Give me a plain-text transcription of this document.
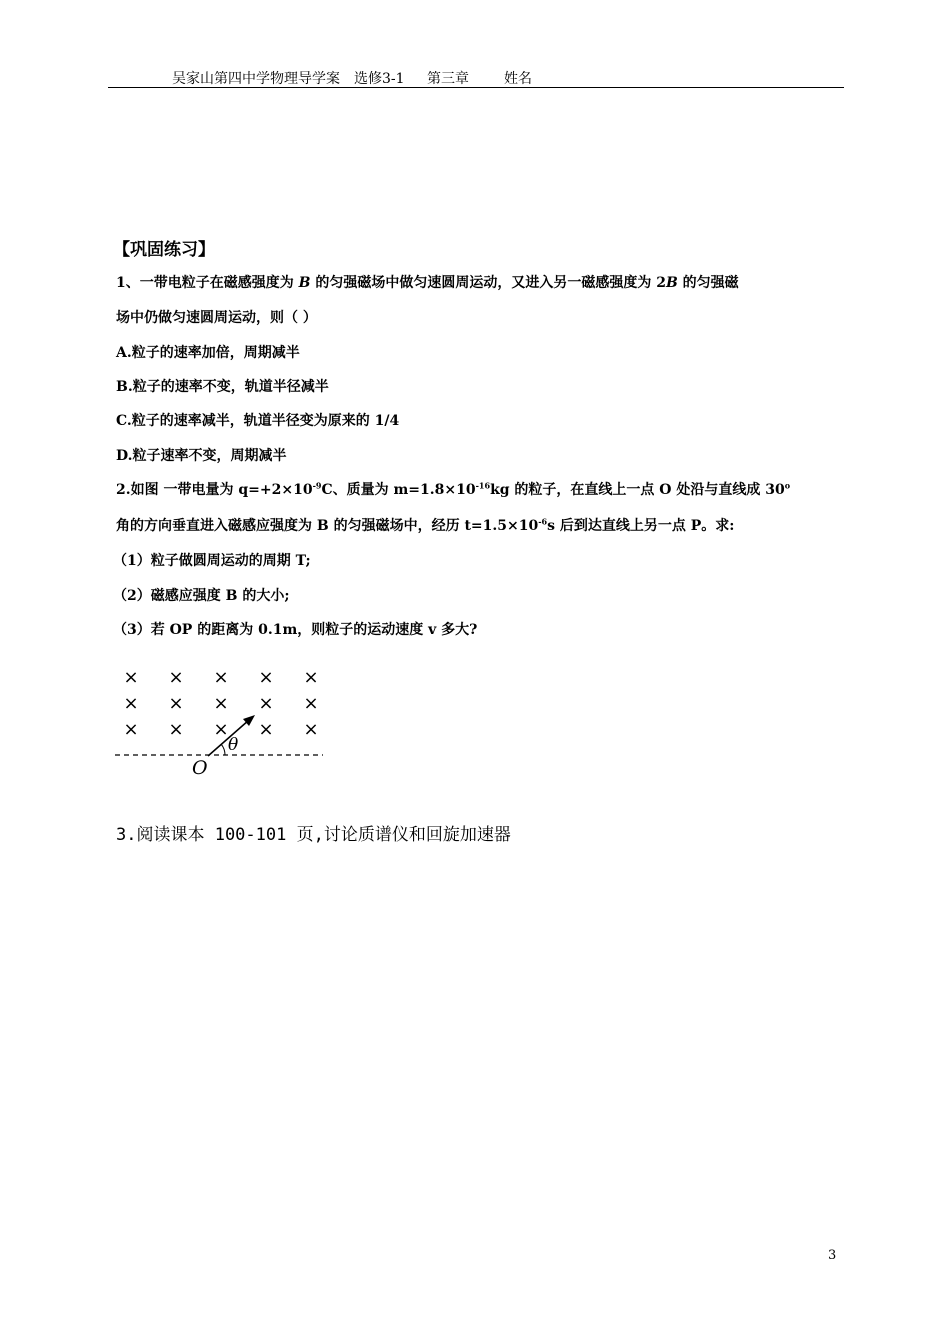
吴家山第四中学物理导学案 选修3-1 第三章	姓名
【巩固练习】
1、一带电粒子在磁感强度为 B 的匀强磁场中做匀速圆周运动，又进入另一磁感强度为 2B 的匀强磁
场中仍做匀速圆周运动，则（ ）
A.粒子的速率加倍，周期减半
B.粒子的速率不变，轨道半径减半
C.粒子的速率减半，轨道半径变为原来的 1/4
D.粒子速率不变，周期减半
2.如图 一带电量为 $q=+2\times 10^{-9}C$、质量为 $m=1.8\times 10^{-16}kg$ 的粒子，在直线上一点 O 处沿与直线成 30$^o$
角的方向垂直进入磁感应强度为 B 的匀强磁场中，经历 $t=1.5\times 10^{-6}s$ 后到达直线上另一点 P。求:
（1）粒子做圆周运动的周期 T;
（2）磁感应强度 B 的大小;
（3）若 OP 的距离为 0.1m，则粒子的运动速度 v 多大?
× × × × ×
× × × × ×
× × × × ×
θ
O
3.阅读课本 100-101 页,讨论质谱仪和回旋加速器
3
